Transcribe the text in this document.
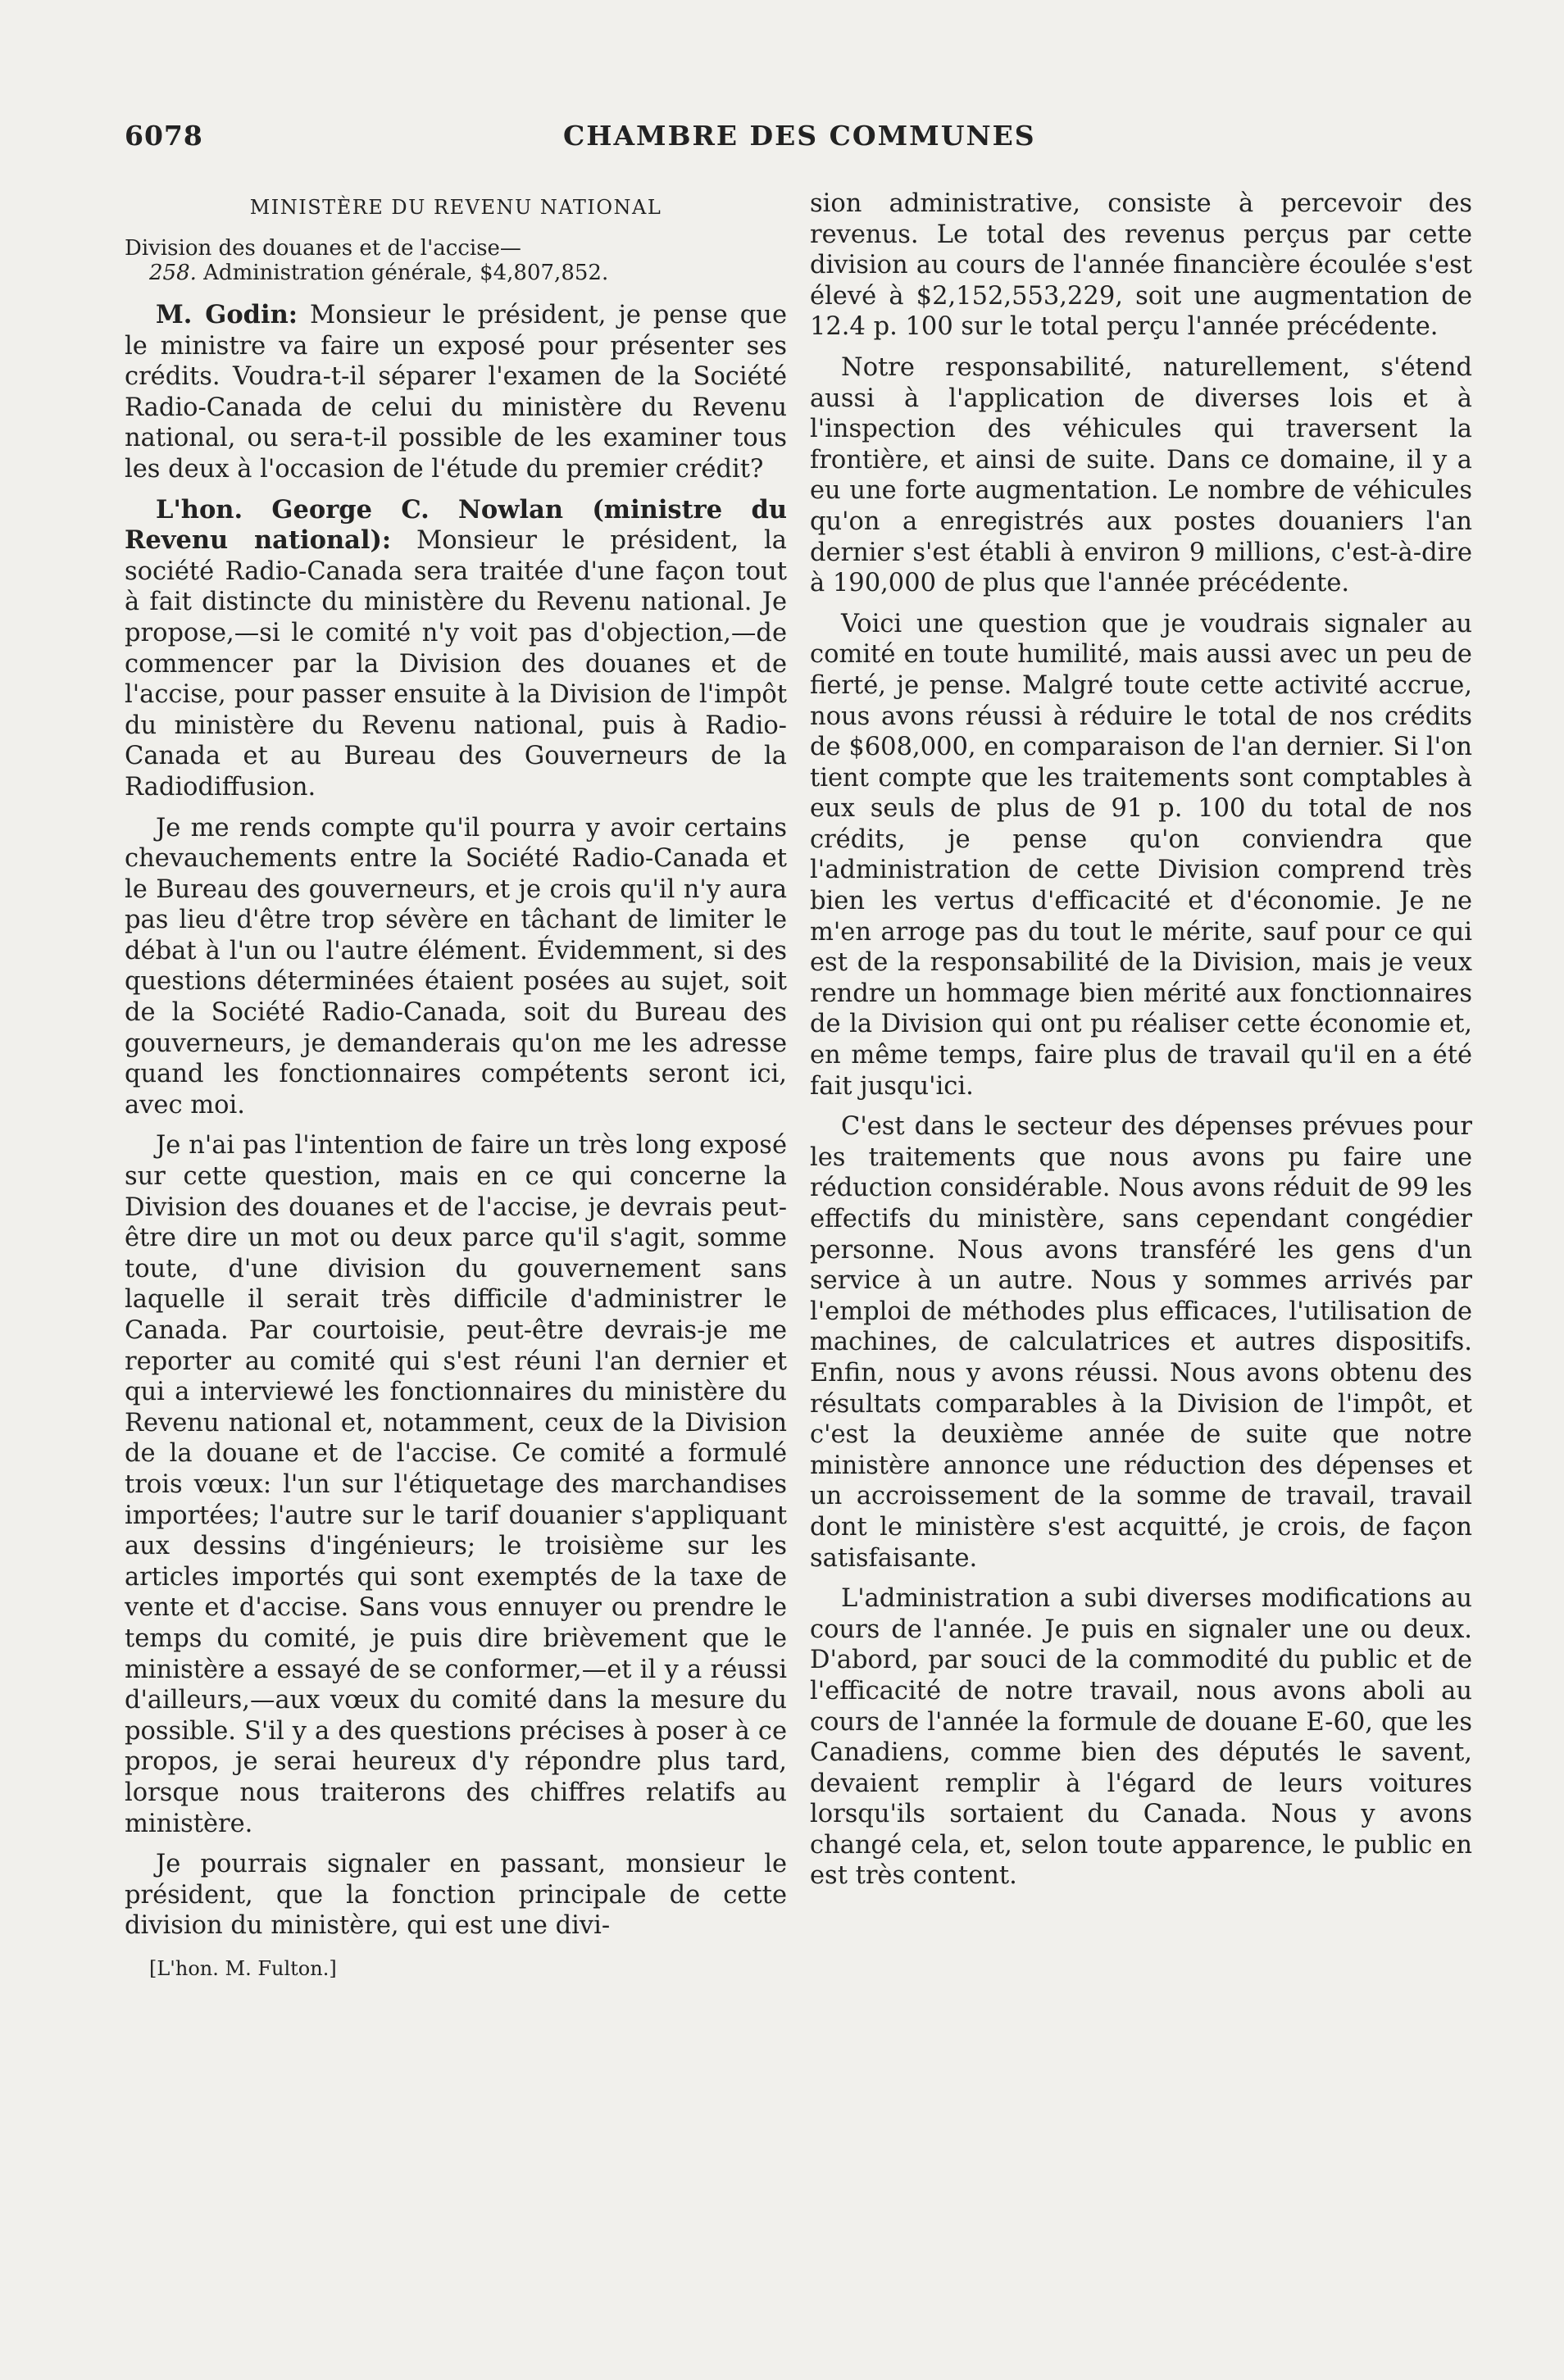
6078	CHAMBRE DES COMMUNES
MINISTÈRE DU REVENU NATIONAL
Division des douanes et de l'accise—
258. Administration générale, $4,807,852.

M. Godin: Monsieur le président, je pense que le ministre va faire un exposé pour présenter ses crédits. Voudra-t-il séparer l'examen de la Société Radio-Canada de celui du ministère du Revenu national, ou sera-t-il possible de les examiner tous les deux à l'occasion de l'étude du premier crédit?

L'hon. George C. Nowlan (ministre du Revenu national): Monsieur le président, la société Radio-Canada sera traitée d'une façon tout à fait distincte du ministère du Revenu national. Je propose,—si le comité n'y voit pas d'objection,—de commencer par la Division des douanes et de l'accise, pour passer ensuite à la Division de l'impôt du ministère du Revenu national, puis à Radio-Canada et au Bureau des Gouverneurs de la Radiodiffusion.

Je me rends compte qu'il pourra y avoir certains chevauchements entre la Société Radio-Canada et le Bureau des gouverneurs, et je crois qu'il n'y aura pas lieu d'être trop sévère en tâchant de limiter le débat à l'un ou l'autre élément. Évidemment, si des questions déterminées étaient posées au sujet, soit de la Société Radio-Canada, soit du Bureau des gouverneurs, je demanderais qu'on me les adresse quand les fonctionnaires compétents seront ici, avec moi.

Je n'ai pas l'intention de faire un très long exposé sur cette question, mais en ce qui concerne la Division des douanes et de l'accise, je devrais peut-être dire un mot ou deux parce qu'il s'agit, somme toute, d'une division du gouvernement sans laquelle il serait très difficile d'administrer le Canada. Par courtoisie, peut-être devrais-je me reporter au comité qui s'est réuni l'an dernier et qui a interviewé les fonctionnaires du ministère du Revenu national et, notamment, ceux de la Division de la douane et de l'accise. Ce comité a formulé trois vœux: l'un sur l'étiquetage des marchandises importées; l'autre sur le tarif douanier s'appliquant aux dessins d'ingénieurs; le troisième sur les articles importés qui sont exemptés de la taxe de vente et d'accise. Sans vous ennuyer ou prendre le temps du comité, je puis dire brièvement que le ministère a essayé de se conformer,—et il y a réussi d'ailleurs,—aux vœux du comité dans la mesure du possible. S'il y a des questions précises à poser à ce propos, je serai heureux d'y répondre plus tard, lorsque nous traiterons des chiffres relatifs au ministère.

Je pourrais signaler en passant, monsieur le président, que la fonction principale de cette division du ministère, qui est une divi-

[L'hon. M. Fulton.]

sion administrative, consiste à percevoir des revenus. Le total des revenus perçus par cette division au cours de l'année financière écoulée s'est élevé à $2,152,553,229, soit une augmentation de 12.4 p. 100 sur le total perçu l'année précédente.

Notre responsabilité, naturellement, s'étend aussi à l'application de diverses lois et à l'inspection des véhicules qui traversent la frontière, et ainsi de suite. Dans ce domaine, il y a eu une forte augmentation. Le nombre de véhicules qu'on a enregistrés aux postes douaniers l'an dernier s'est établi à environ 9 millions, c'est-à-dire à 190,000 de plus que l'année précédente.

Voici une question que je voudrais signaler au comité en toute humilité, mais aussi avec un peu de fierté, je pense. Malgré toute cette activité accrue, nous avons réussi à réduire le total de nos crédits de $608,000, en comparaison de l'an dernier. Si l'on tient compte que les traitements sont comptables à eux seuls de plus de 91 p. 100 du total de nos crédits, je pense qu'on conviendra que l'administration de cette Division comprend très bien les vertus d'efficacité et d'économie. Je ne m'en arroge pas du tout le mérite, sauf pour ce qui est de la responsabilité de la Division, mais je veux rendre un hommage bien mérité aux fonctionnaires de la Division qui ont pu réaliser cette économie et, en même temps, faire plus de travail qu'il en a été fait jusqu'ici.

C'est dans le secteur des dépenses prévues pour les traitements que nous avons pu faire une réduction considérable. Nous avons réduit de 99 les effectifs du ministère, sans cependant congédier personne. Nous avons transféré les gens d'un service à un autre. Nous y sommes arrivés par l'emploi de méthodes plus efficaces, l'utilisation de machines, de calculatrices et autres dispositifs. Enfin, nous y avons réussi. Nous avons obtenu des résultats comparables à la Division de l'impôt, et c'est la deuxième année de suite que notre ministère annonce une réduction des dépenses et un accroissement de la somme de travail, travail dont le ministère s'est acquitté, je crois, de façon satisfaisante.

L'administration a subi diverses modifications au cours de l'année. Je puis en signaler une ou deux. D'abord, par souci de la commodité du public et de l'efficacité de notre travail, nous avons aboli au cours de l'année la formule de douane E-60, que les Canadiens, comme bien des députés le savent, devaient remplir à l'égard de leurs voitures lorsqu'ils sortaient du Canada. Nous y avons changé cela, et, selon toute apparence, le public en est très content.
